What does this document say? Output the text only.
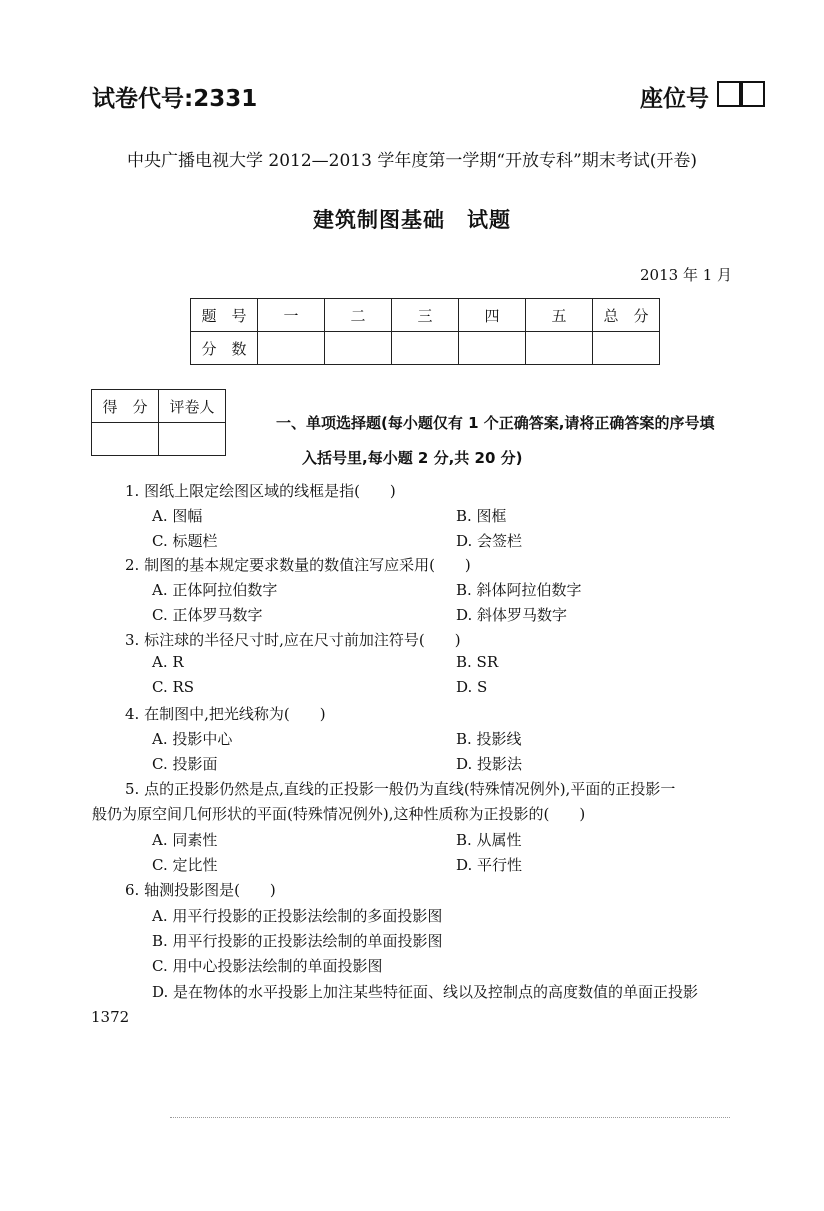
试卷代号:2331	座位号
中央广播电视大学 2012—2013 学年度第一学期“开放专科”期末考试(开卷)
建筑制图基础　试题
2013 年 1 月
题　号	一	二	三	四	五	总　分
分　数						
得　分	评卷人

一、单项选择题(每小题仅有 1 个正确答案,请将正确答案的序号填
入括号里,每小题 2 分,共 20 分)
1. 图纸上限定绘图区域的线框是指(　　)
A. 图幅	B. 图框
C. 标题栏	D. 会签栏
2. 制图的基本规定要求数量的数值注写应采用(　　)
A. 正体阿拉伯数字	B. 斜体阿拉伯数字
C. 正体罗马数字	D. 斜体罗马数字
3. 标注球的半径尺寸时,应在尺寸前加注符号(　　)
A. R	B. SR
C. RS	D. S
4. 在制图中,把光线称为(　　)
A. 投影中心	B. 投影线
C. 投影面	D. 投影法
5. 点的正投影仍然是点,直线的正投影一般仍为直线(特殊情况例外),平面的正投影一
般仍为原空间几何形状的平面(特殊情况例外),这种性质称为正投影的(　　)
A. 同素性	B. 从属性
C. 定比性	D. 平行性
6. 轴测投影图是(　　)
A. 用平行投影的正投影法绘制的多面投影图
B. 用平行投影的正投影法绘制的单面投影图
C. 用中心投影法绘制的单面投影图
D. 是在物体的水平投影上加注某些特征面、线以及控制点的高度数值的单面正投影
1372
